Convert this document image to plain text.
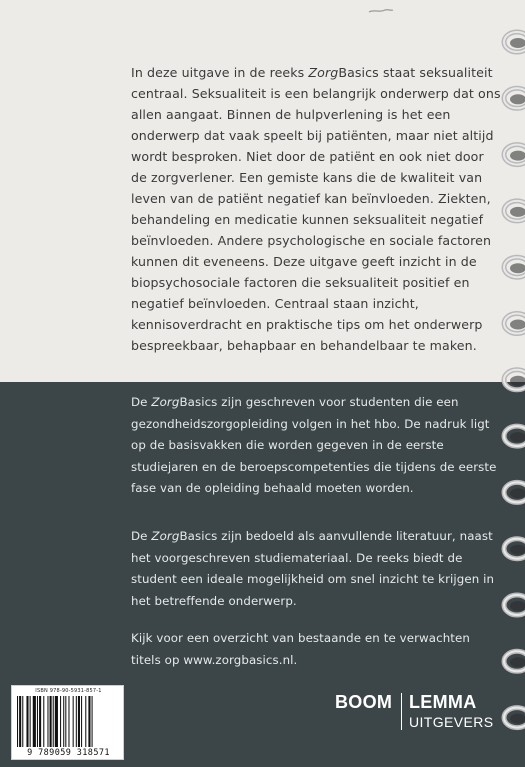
In deze uitgave in de reeks ZorgBasics staat seksualiteit centraal. Seksualiteit is een belangrijk onderwerp dat ons allen aangaat. Binnen de hulpverlening is het een onderwerp dat vaak speelt bij patiënten, maar niet altijd wordt besproken. Niet door de patiënt en ook niet door de zorgverlener. Een gemiste kans die de kwaliteit van leven van de patiënt negatief kan beïnvloeden. Ziekten, behandeling en medicatie kunnen seksualiteit negatief beïnvloeden. Andere psychologische en sociale factoren kunnen dit eveneens. Deze uitgave geeft inzicht in de biopsychosociale factoren die seksualiteit positief en negatief beïnvloeden. Centraal staan inzicht, kennisoverdracht en praktische tips om het onderwerp bespreekbaar, behapbaar en behandelbaar te maken.

De ZorgBasics zijn geschreven voor studenten die een gezondheidszorgopleiding volgen in het hbo. De nadruk ligt op de basisvakken die worden gegeven in de eerste studiejaren en de beroepscompetenties die tijdens de eerste fase van de opleiding behaald moeten worden.

De ZorgBasics zijn bedoeld als aanvullende literatuur, naast het voorgeschreven studiemateriaal. De reeks biedt de student een ideale mogelijkheid om snel inzicht te krijgen in het betreffende onderwerp.

Kijk voor een overzicht van bestaande en te verwachten titels op www.zorgbasics.nl.

ISBN 978-90-5931-857-1
9 789059 318571
BOOM LEMMA
UITGEVERS
